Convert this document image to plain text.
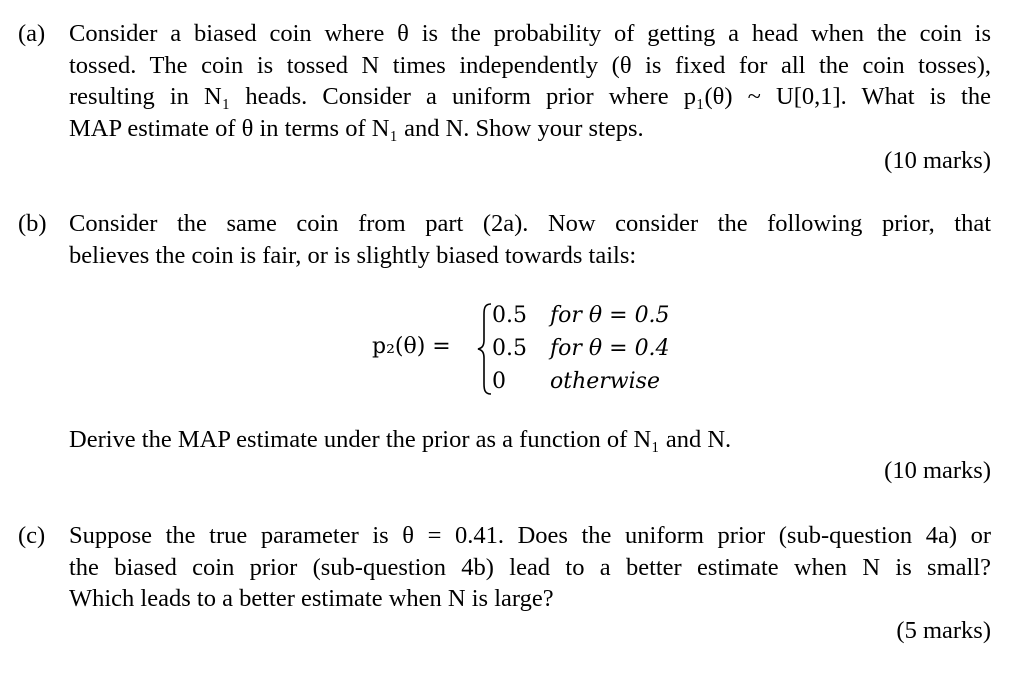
(a) Consider a biased coin where θ is the probability of getting a head when the coin is
tossed. The coin is tossed N times independently (θ is fixed for all the coin tosses),
resulting in N₁ heads. Consider a uniform prior where p₁(θ) ~ U[0,1]. What is the
MAP estimate of θ in terms of N₁ and N. Show your steps.
(10 marks)
(b) Consider the same coin from part (2a). Now consider the following prior, that
believes the coin is fair, or is slightly biased towards tails:
p₂(θ) =
0.5 for θ = 0.5
0.5 for θ = 0.4
0 otherwise
Derive the MAP estimate under the prior as a function of N₁ and N.
(10 marks)
(c) Suppose the true parameter is θ = 0.41. Does the uniform prior (sub-question 4a) or
the biased coin prior (sub-question 4b) lead to a better estimate when N is small?
Which leads to a better estimate when N is large?
(5 marks)
